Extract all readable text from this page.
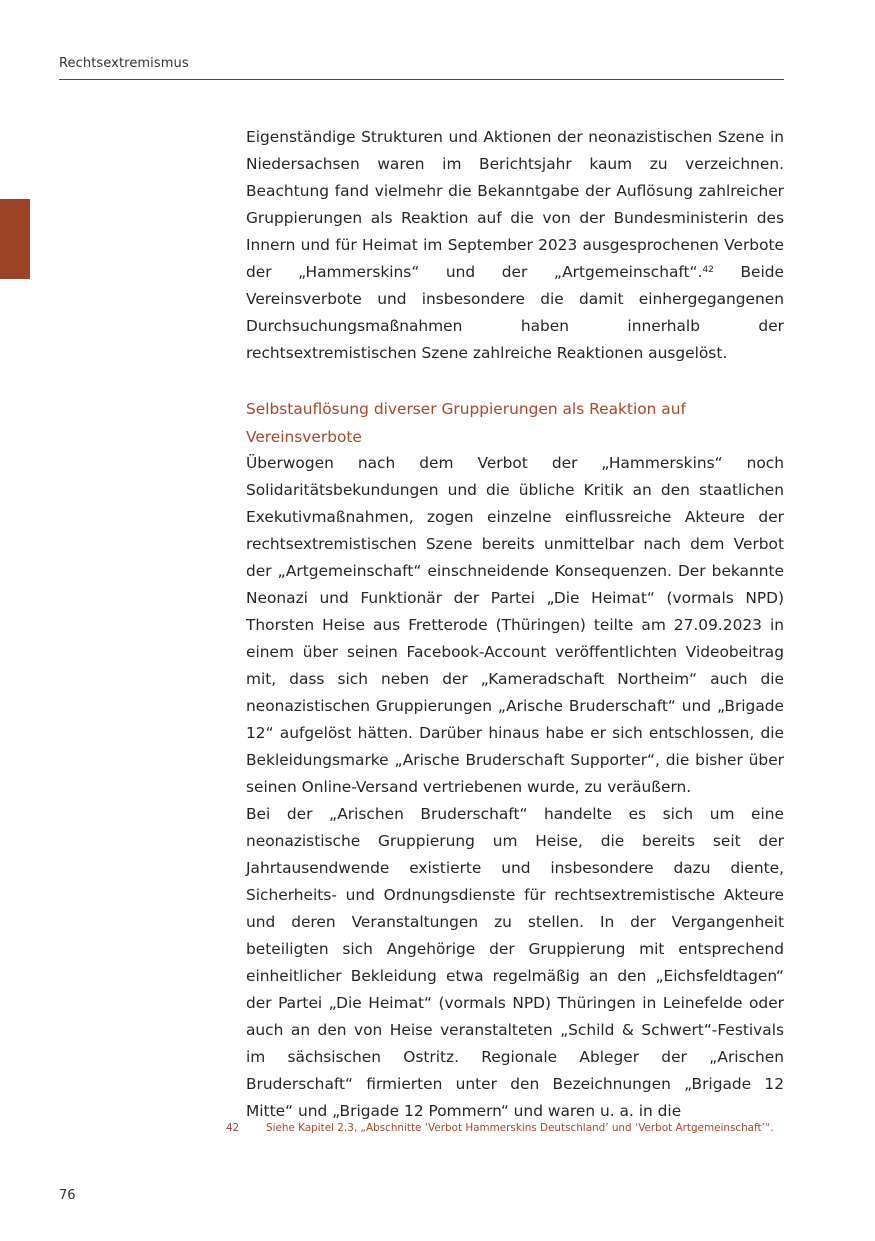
Rechtsextremismus

Eigenständige Strukturen und Aktionen der neonazistischen Szene in Niedersachsen waren im Berichtsjahr kaum zu verzeichnen. Beachtung fand vielmehr die Bekanntgabe der Auflösung zahlreicher Gruppierungen als Reaktion auf die von der Bundesministerin des Innern und für Heimat im September 2023 ausgesprochenen Verbote der „Hammerskins“ und der „Artgemeinschaft“.$^{42}$ Beide Vereinsverbote und insbesondere die damit einhergegangenen Durchsuchungsmaßnahmen haben innerhalb der rechtsextremistischen Szene zahlreiche Reaktionen ausgelöst.

Selbstauflösung diverser Gruppierungen als Reaktion auf Vereinsverbote

Überwogen nach dem Verbot der „Hammerskins“ noch Solidaritätsbekundungen und die übliche Kritik an den staatlichen Exekutivmaßnahmen, zogen einzelne einflussreiche Akteure der rechtsextremistischen Szene bereits unmittelbar nach dem Verbot der „Artgemeinschaft“ einschneidende Konsequenzen. Der bekannte Neonazi und Funktionär der Partei „Die Heimat“ (vormals NPD) Thorsten Heise aus Fretterode (Thüringen) teilte am 27.09.2023 in einem über seinen Facebook-Account veröffentlichten Videobeitrag mit, dass sich neben der „Kameradschaft Northeim“ auch die neonazistischen Gruppierungen „Arische Bruderschaft“ und „Brigade 12“ aufgelöst hätten. Darüber hinaus habe er sich entschlossen, die Bekleidungsmarke „Arische Bruderschaft Supporter“, die bisher über seinen Online-Versand vertriebenen wurde, zu veräußern.

Bei der „Arischen Bruderschaft“ handelte es sich um eine neonazistische Gruppierung um Heise, die bereits seit der Jahrtausendwende existierte und insbesondere dazu diente, Sicherheits- und Ordnungsdienste für rechtsextremistische Akteure und deren Veranstaltungen zu stellen. In der Vergangenheit beteiligten sich Angehörige der Gruppierung mit entsprechend einheitlicher Bekleidung etwa regelmäßig an den „Eichsfeldtagen“ der Partei „Die Heimat“ (vormals NPD) Thüringen in Leinefelde oder auch an den von Heise veranstalteten „Schild & Schwert“-Festivals im sächsischen Ostritz. Regionale Ableger der „Arischen Bruderschaft“ firmierten unter den Bezeichnungen „Brigade 12 Mitte“ und „Brigade 12 Pommern“ und waren u. a. in die

42	Siehe Kapitel 2.3, „Abschnitte ‘Verbot Hammerskins Deutschland’ und ‘Verbot Artgemeinschaft’“.
76
